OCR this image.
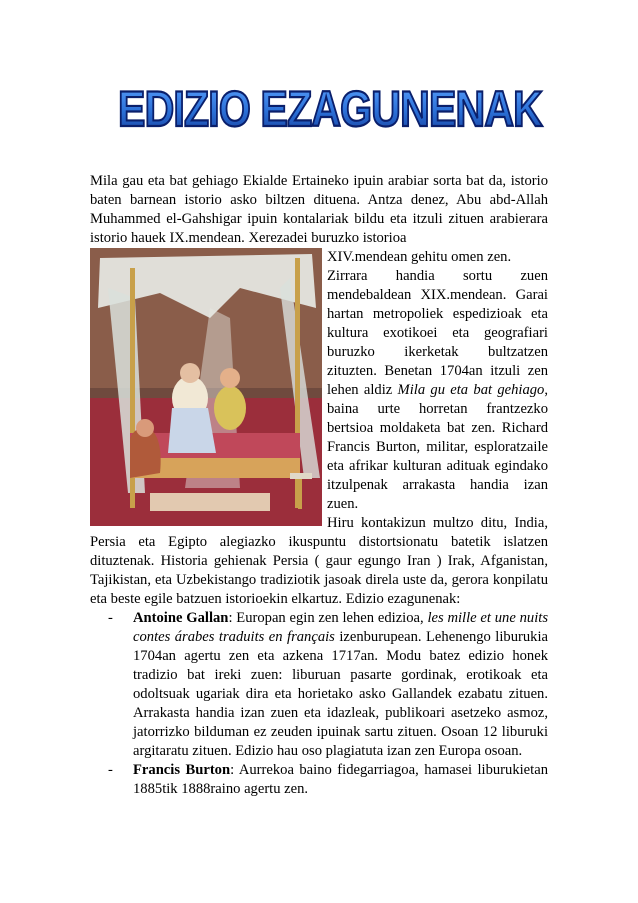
EDIZIO EZAGUNENAK

Mila gau eta bat gehiago Ekialde Ertaineko ipuin arabiar sorta bat da, istorio baten barnean istorio asko biltzen dituena. Antza denez, Abu abd-Allah Muhammed el-Gahshigar ipuin kontalariak bildu eta itzuli zituen arabierara istorio hauek IX.mendean. Xerezadei buruzko istorioa

XIV.mendean gehitu omen zen.

Zirrara handia sortu zuen mendebaldean XIX.mendean. Garai hartan metropoliek espedizioak eta kultura exotikoei eta geografiari buruzko ikerketak bultzatzen zituzten. Benetan 1704an itzuli zen lehen aldiz Mila gu eta bat gehiago, baina urte horretan frantzezko bertsioa moldaketa bat zen. Richard Francis Burton, militar, esploratzaile eta afrikar kulturan adituak egindako itzulpenak arrakasta handia izan zuen.

Hiru kontakizun multzo ditu, India, Persia eta Egipto alegiazko ikuspuntu distortsionatu batetik islatzen dituztenak. Historia gehienak Persia ( gaur egungo Iran ) Irak, Afganistan, Tajikistan, eta Uzbekistango tradiziotik jasoak direla uste da, gerora konpilatu eta beste egile batzuen istorioekin elkartuz. Edizio ezagunenak:

- Antoine Gallan: Europan egin zen lehen edizioa, les mille et une nuits contes árabes traduits en français izenburupean. Lehenengo liburukia 1704an agertu zen eta azkena 1717an. Modu batez edizio honek tradizio bat ireki zuen: liburuan pasarte gordinak, erotikoak eta odoltsuak ugariak dira eta horietako asko Gallandek ezabatu zituen. Arrakasta handia izan zuen eta idazleak, publikoari asetzeko asmoz, jatorrizko bilduman ez zeuden ipuinak sartu zituen. Osoan 12 liburuki argitaratu zituen. Edizio hau oso plagiatuta izan zen Europa osoan.
- Francis Burton: Aurrekoa baino fidegarriagoa, hamasei liburukietan 1885tik 1888raino agertu zen.
